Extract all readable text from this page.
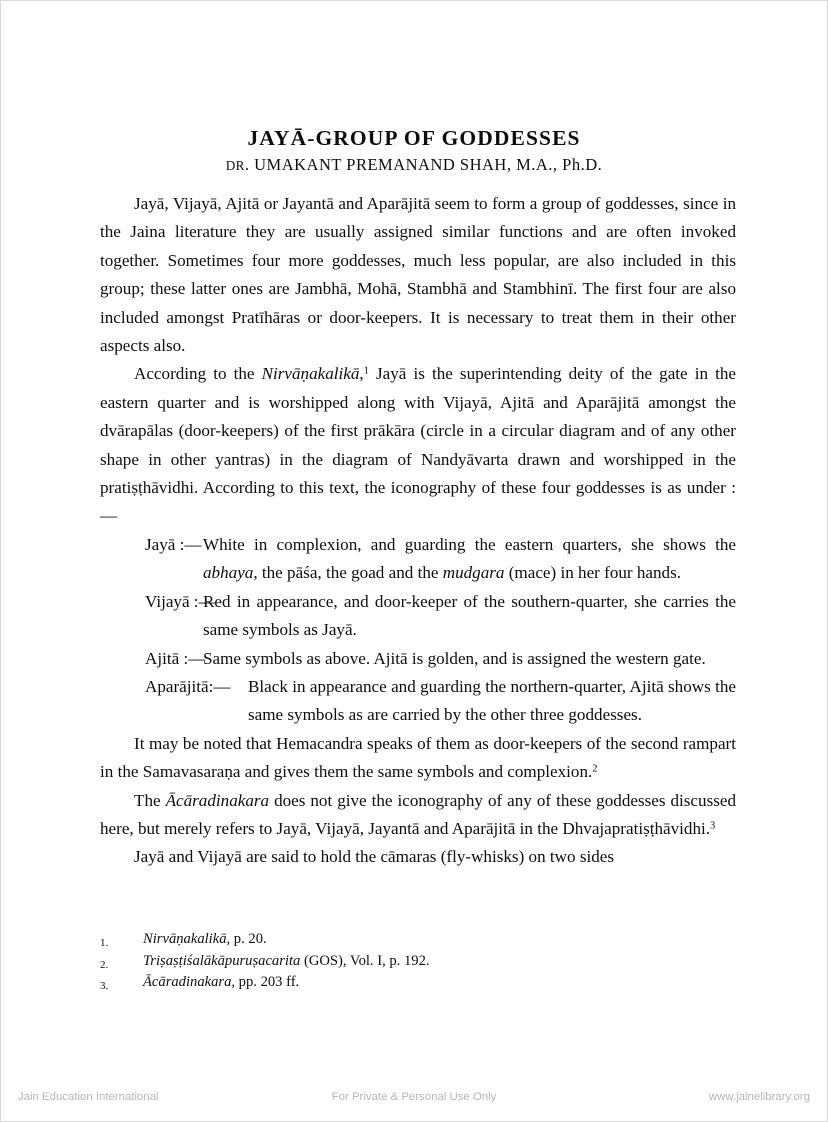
JAYĀ-GROUP OF GODDESSES
DR. UMAKANT PREMANAND SHAH, M.A., Ph.D.

Jayā, Vijayā, Ajitā or Jayantā and Aparājitā seem to form a group of goddesses, since in the Jaina literature they are usually assigned similar functions and are often invoked together. Sometimes four more goddesses, much less popular, are also included in this group; these latter ones are Jambhā, Mohā, Stambhā and Stambhinī. The first four are also included amongst Pratīhāras or door-keepers. It is necessary to treat them in their other aspects also.

According to the Nirvāṇakalikā,$^1$ Jayā is the superintending deity of the gate in the eastern quarter and is worshipped along with Vijayā, Ajitā and Aparājitā amongst the dvārapālas (door-keepers) of the first prākāra (circle in a circular diagram and of any other shape in other yantras) in the diagram of Nandyāvarta drawn and worshipped in the pratiṣṭhāvidhi. According to this text, the iconography of these four goddesses is as under :—

Jayā :— White in complexion, and guarding the eastern quarters, she shows the abhaya, the pāśa, the goad and the mudgara (mace) in her four hands.
Vijayā :—
Red in appearance, and door-keeper of the southern-quarter, she carries the same symbols as Jayā.
Ajitā :—
Same symbols as above. Ajitā is golden, and is assigned the western gate.
Aparājitā:—	Black in appearance and guarding the northern-quarter, Ajitā shows the same symbols as are carried by the other three goddesses.

It may be noted that Hemacandra speaks of them as door-keepers of the second rampart in the Samavasaraṇa and gives them the same symbols and complexion.$^2$

The Ācāradinakara does not give the iconography of any of these goddesses discussed here, but merely refers to Jayā, Vijayā, Jayantā and Aparājitā in the Dhvajapratiṣṭhāvidhi.$^3$

Jayā and Vijayā are said to hold the cāmaras (fly-whisks) on two sides

1.	Nirvāṇakalikā, p. 20.
2.	Triṣaṣṭiśalākāpuruṣacarita (GOS), Vol. I, p. 192.
3.	Ācāradinakara, pp. 203 ff.
Jain Education International	For Private & Personal Use Only	www.jainelibrary.org
